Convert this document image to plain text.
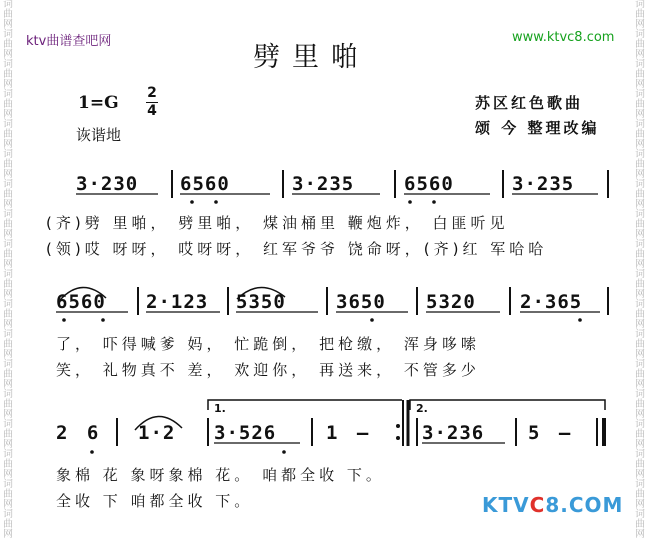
词
曲
网
词
曲
网
词
曲
网
词
曲
网
词
曲
网
词
曲
网
词
曲
网
词
曲
网
词
曲
网
词
曲
网
词
曲
网
词
曲
网
词
曲
网
词
曲
网
词
曲
网
词
曲
网
词
曲
网
词
曲
网
词
曲
网
词
曲
网
词
曲
网
词
曲
网
词
曲
网
词
曲
网
词
曲
网
词
曲
网
词
曲
网
词
曲
网
词
曲
网
词
曲
网
词
曲
网
词
曲
网
词
曲
网
词
曲
网
词
曲
网
词
曲
网
ktv曲谱查吧网	www.ktvc8.com
劈里啪
1=G 2
4
诙谐地
苏区红色歌曲
颂 今 整理改编
3·230 6560	3·235	6560	3·235
(齐)劈 里啪， 劈里啪， 煤油桶里 鞭炮炸， 白匪听见
(领)哎 呀呀， 哎呀呀， 红军爷爷 饶命呀，(齐)红 军哈哈
6560 2·123 5350	3650 5320 2·365
了， 吓得喊爹 妈， 忙跪倒， 把枪缴， 浑身哆嗦
笑， 礼物真不 差， 欢迎你， 再送来， 不管多少
1.	2.
2 6 1·2 3·526	1 –	3·236 5 –
象棉 花 象呀象棉 花。 咱都全收 下。
全收 下 咱都全收 下。	KTVC8.COM
